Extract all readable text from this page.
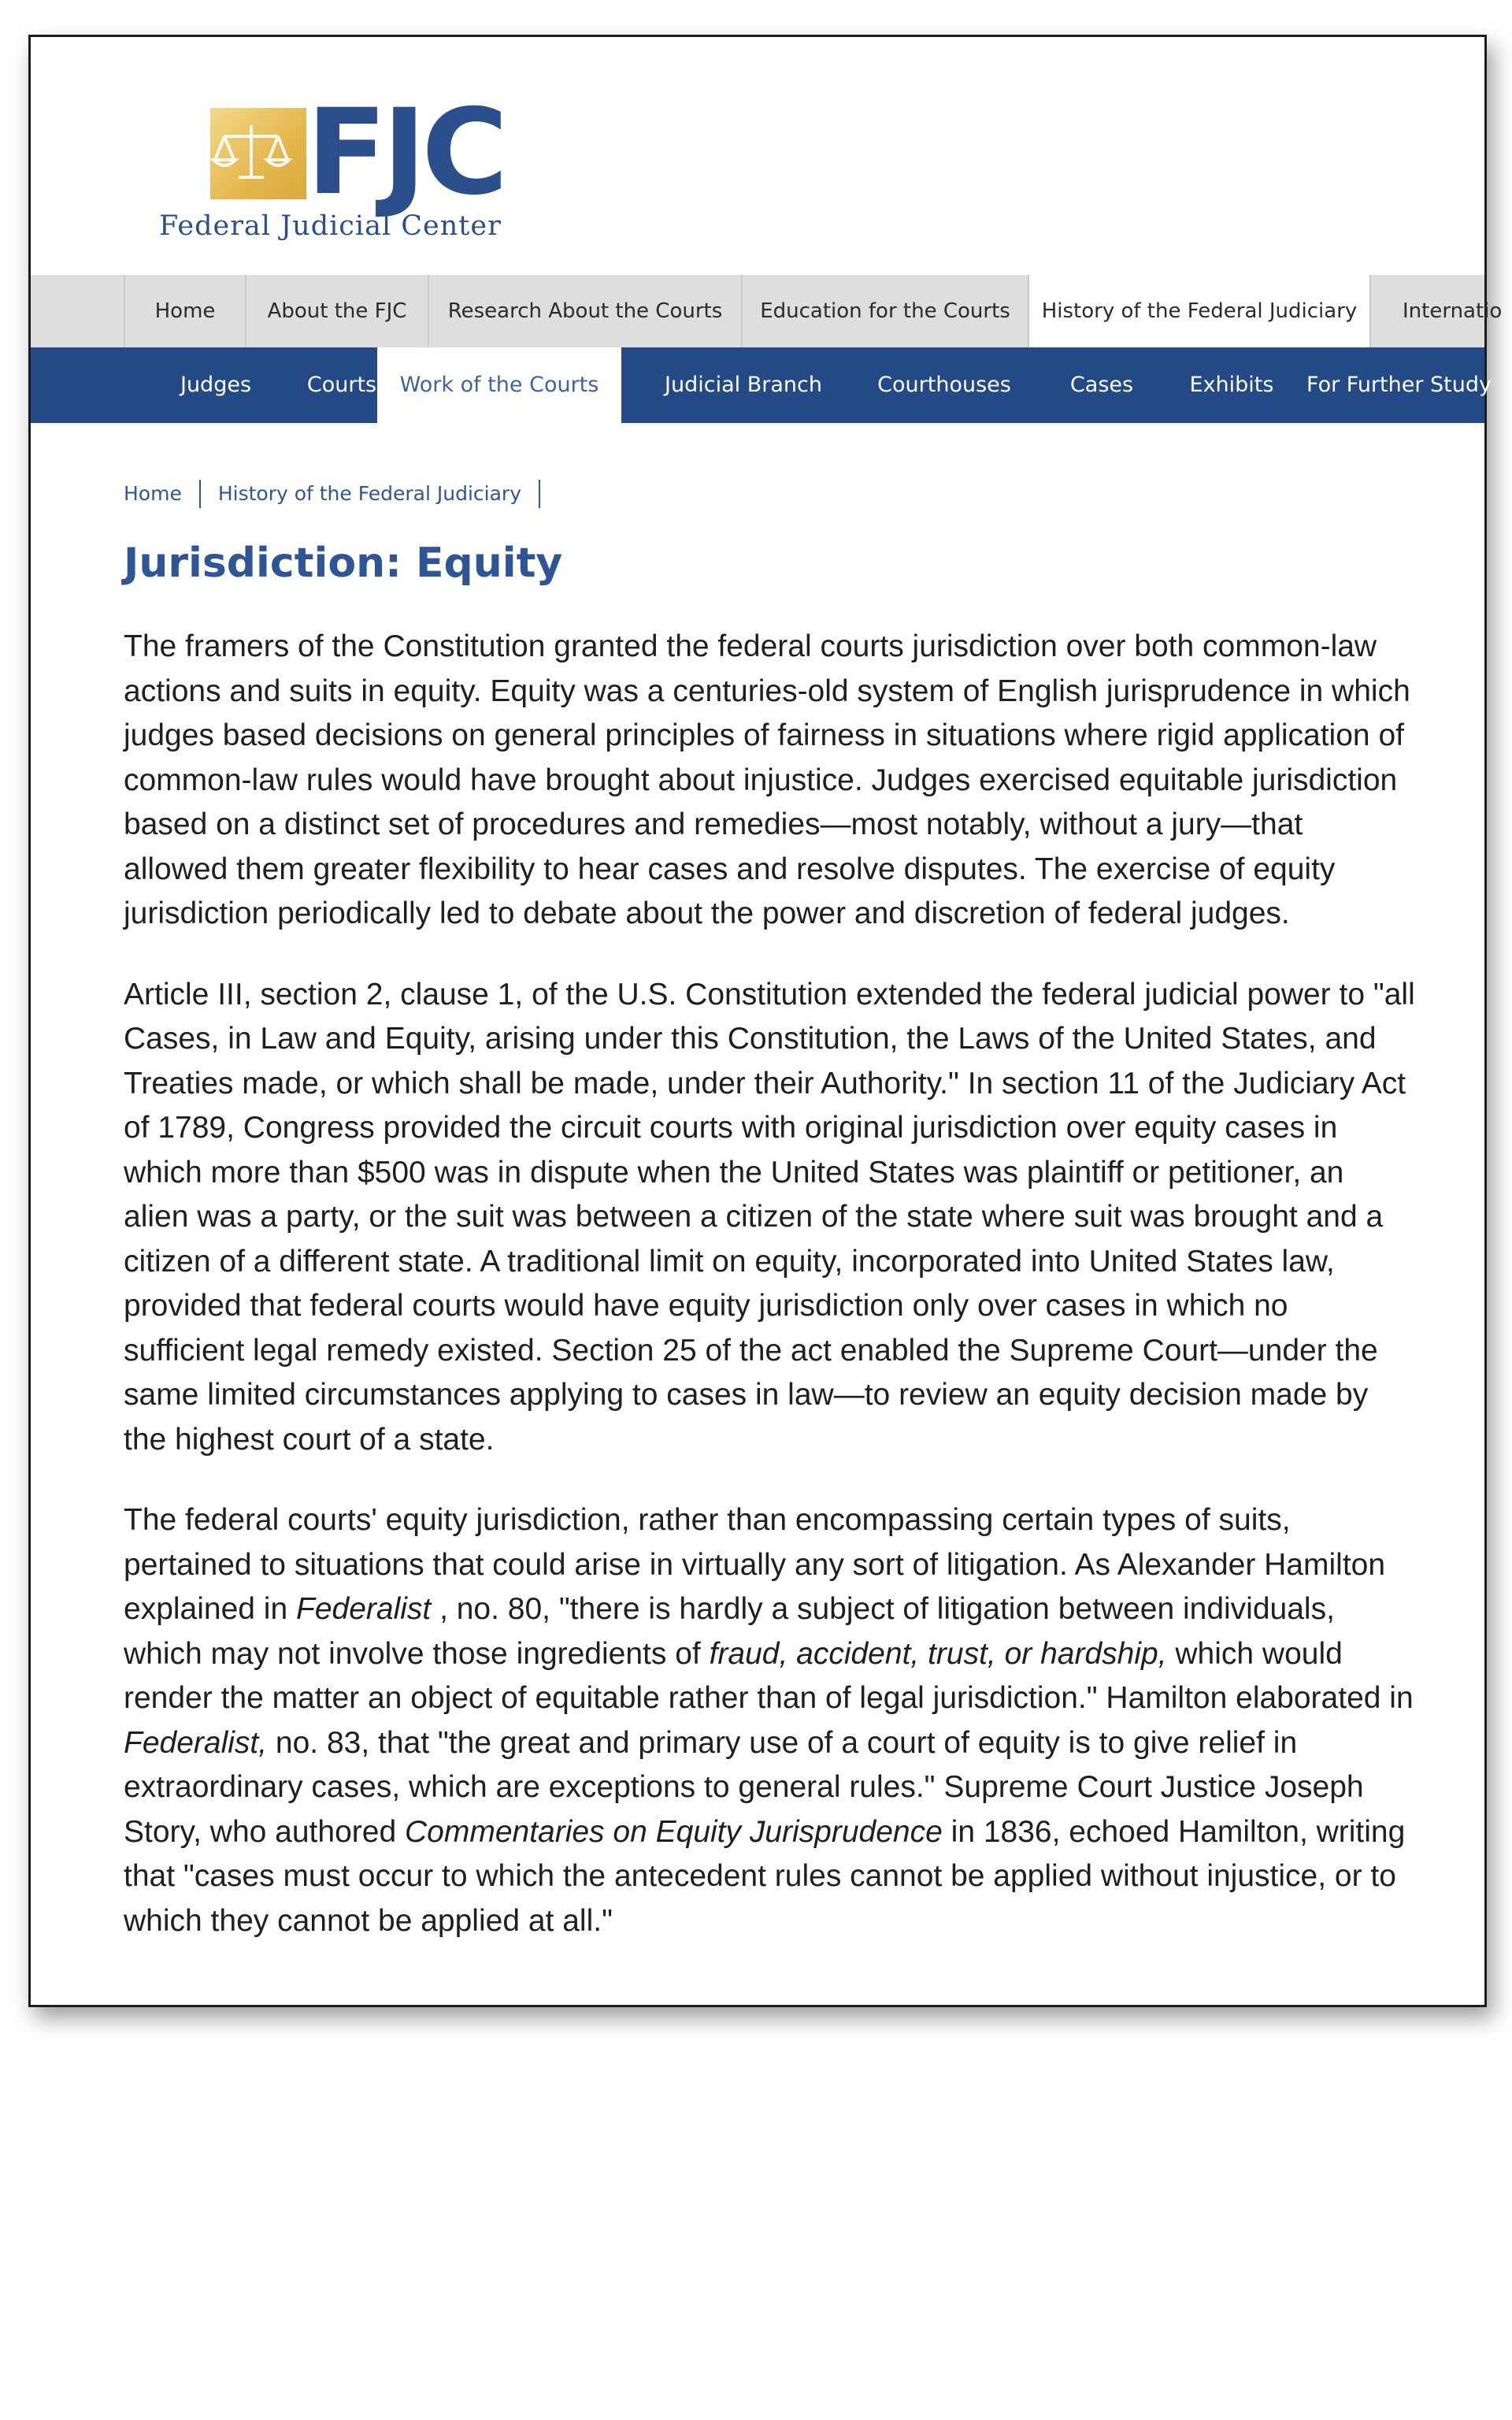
FJC
Federal Judicial Center
Home	About the FJC	Research About the Courts	Education for the Courts	History of the Federal Judiciary	Internatio
Judges	Courts	Work of the Courts	Judicial Branch	Courthouses	Cases	Exhibits	For Further Study
Home History of the Federal Judiciary
Jurisdiction: Equity

The framers of the Constitution granted the federal courts jurisdiction over both common-law actions and suits in equity. Equity was a centuries-old system of English jurisprudence in which judges based decisions on general principles of fairness in situations where rigid application of common-law rules would have brought about injustice. Judges exercised equitable jurisdiction based on a distinct set of procedures and remedies—most notably, without a jury—that allowed them greater flexibility to hear cases and resolve disputes. The exercise of equity jurisdiction periodically led to debate about the power and discretion of federal judges.

Article III, section 2, clause 1, of the U.S. Constitution extended the federal judicial power to "all Cases, in Law and Equity, arising under this Constitution, the Laws of the United States, and Treaties made, or which shall be made, under their Authority." In section 11 of the Judiciary Act of 1789, Congress provided the circuit courts with original jurisdiction over equity cases in which more than $500 was in dispute when the United States was plaintiff or petitioner, an alien was a party, or the suit was between a citizen of the state where suit was brought and a citizen of a different state. A traditional limit on equity, incorporated into United States law, provided that federal courts would have equity jurisdiction only over cases in which no sufficient legal remedy existed. Section 25 of the act enabled the Supreme Court—under the same limited circumstances applying to cases in law—to review an equity decision made by the highest court of a state.

The federal courts' equity jurisdiction, rather than encompassing certain types of suits, pertained to situations that could arise in virtually any sort of litigation. As Alexander Hamilton explained in Federalist , no. 80, "there is hardly a subject of litigation between individuals, which may not involve those ingredients of fraud, accident, trust, or hardship, which would render the matter an object of equitable rather than of legal jurisdiction." Hamilton elaborated in Federalist, no. 83, that "the great and primary use of a court of equity is to give relief in extraordinary cases, which are exceptions to general rules." Supreme Court Justice Joseph Story, who authored Commentaries on Equity Jurisprudence in 1836, echoed Hamilton, writing that "cases must occur to which the antecedent rules cannot be applied without injustice, or to which they cannot be applied at all."
